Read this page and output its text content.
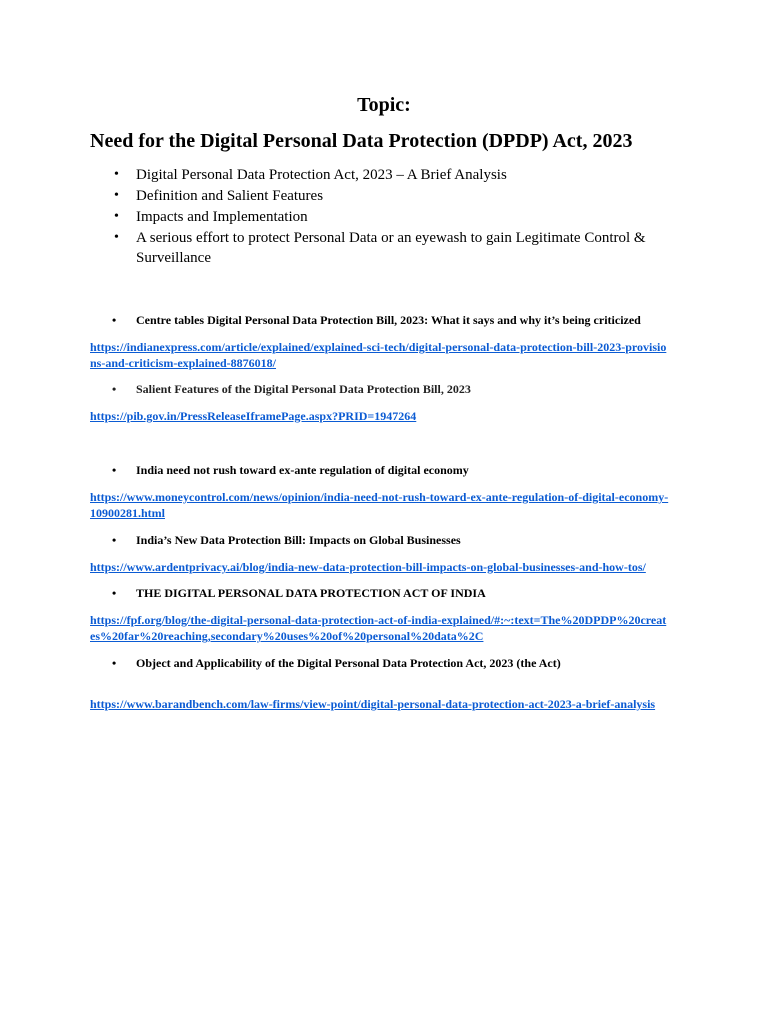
Topic:
Need for the Digital Personal Data Protection (DPDP) Act, 2023
• Digital Personal Data Protection Act, 2023 – A Brief Analysis
• Definition and Salient Features
• Impacts and Implementation
• A serious effort to protect Personal Data or an eyewash to gain Legitimate Control & Surveillance
• Centre tables Digital Personal Data Protection Bill, 2023: What it says and why it’s being criticized
https://indianexpress.com/article/explained/explained-sci-tech/digital-personal-data-protection-bill-2023-provisions-and-criticism-explained-8876018/
• Salient Features of the Digital Personal Data Protection Bill, 2023
https://pib.gov.in/PressReleaseIframePage.aspx?PRID=1947264
• India need not rush toward ex-ante regulation of digital economy
https://www.moneycontrol.com/news/opinion/india-need-not-rush-toward-ex-ante-regulation-of-digital-economy-10900281.html
• India’s New Data Protection Bill: Impacts on Global Businesses
https://www.ardentprivacy.ai/blog/india-new-data-protection-bill-impacts-on-global-businesses-and-how-tos/
• THE DIGITAL PERSONAL DATA PROTECTION ACT OF INDIA
https://fpf.org/blog/the-digital-personal-data-protection-act-of-india-explained/#:~:text=The%20DPDP%20creates%20far%20reaching,secondary%20uses%20of%20personal%20data%2C
• Object and Applicability of the Digital Personal Data Protection Act, 2023 (the Act)
https://www.barandbench.com/law-firms/view-point/digital-personal-data-protection-act-2023-a-brief-analysis
